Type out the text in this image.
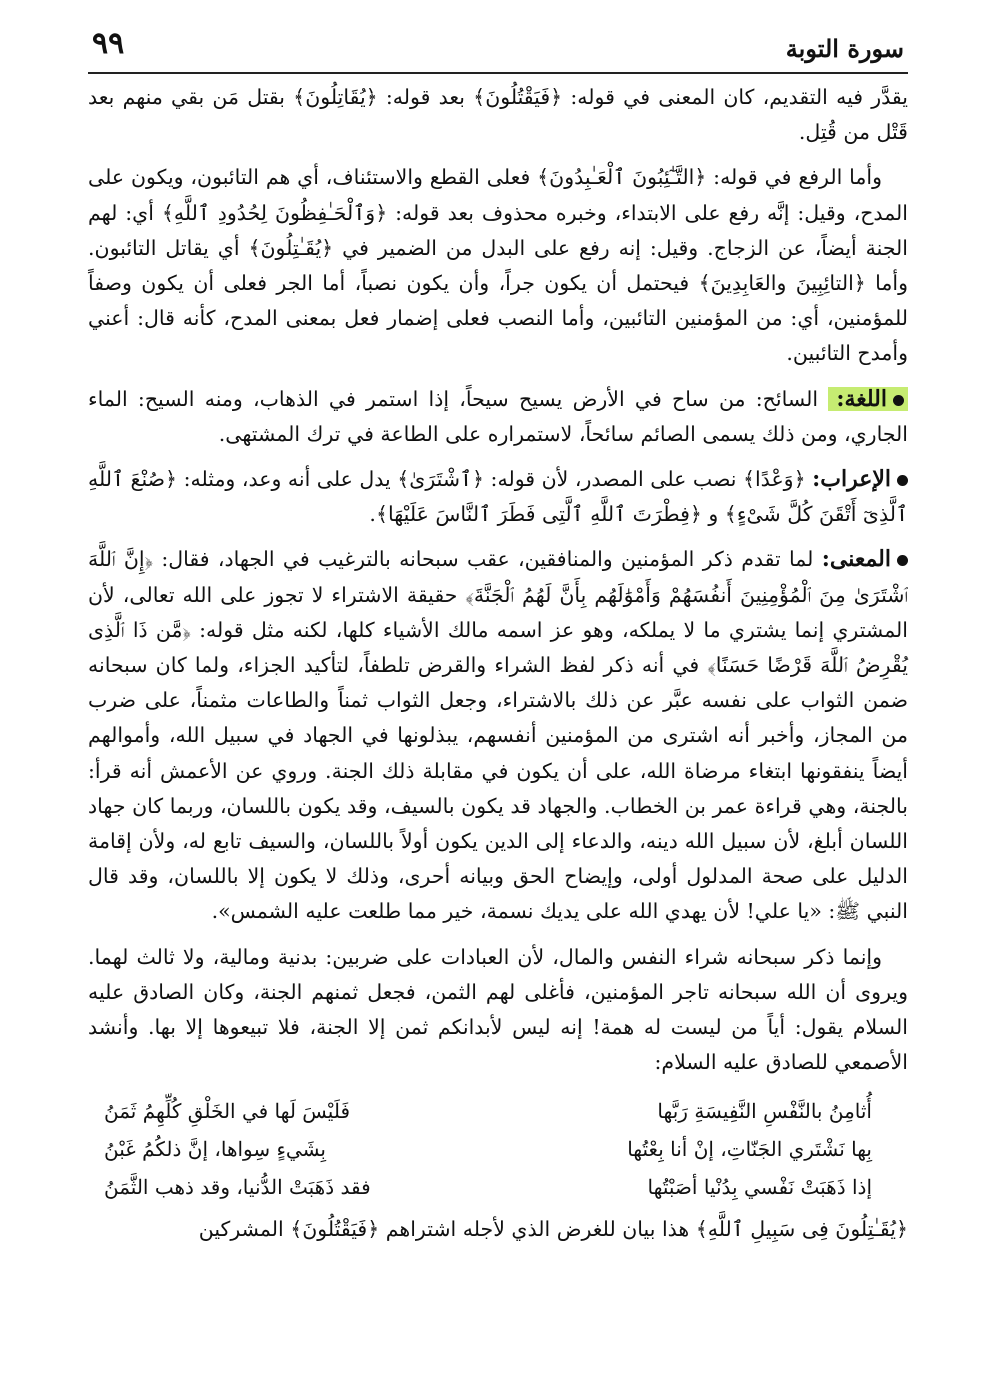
سورة التوبة
٩٩

يقدَّر فيه التقديم، كان المعنى في قوله: ﴿فَيَقْتُلُونَ﴾ بعد قوله: ﴿يُقَاتِلُونَ﴾ بقتل مَن بقي منهم بعد قَتْل من قُتِل.

وأما الرفع في قوله: ﴿التَّـٰٓئِبُونَ ٱلْعَـٰبِدُونَ﴾ فعلى القطع والاستئناف، أي هم التائبون، ويكون على المدح، وقيل: إنَّه رفع على الابتداء، وخبره محذوف بعد قوله: ﴿وَٱلْحَـٰفِظُونَ لِحُدُودِ ٱللَّهِ﴾ أي: لهم الجنة أيضاً، عن الزجاج. وقيل: إنه رفع على البدل من الضمير في ﴿يُقَـٰتِلُونَ﴾ أي يقاتل التائبون. وأما ﴿التائِبِينَ والعَابِدِينَ﴾ فيحتمل أن يكون جراً، وأن يكون نصباً، أما الجر فعلى أن يكون وصفاً للمؤمنين، أي: من المؤمنين التائبين، وأما النصب فعلى إضمار فعل بمعنى المدح، كأنه قال: أعني وأمدح التائبين.

اللغة: السائح: من ساح في الأرض يسيح سيحاً، إذا استمر في الذهاب، ومنه السيح: الماء الجاري، ومن ذلك يسمى الصائم سائحاً، لاستمراره على الطاعة في ترك المشتهى.

الإعراب: ﴿وَعْدًا﴾ نصب على المصدر، لأن قوله: ﴿ٱشْتَرَىٰ﴾ يدل على أنه وعد، ومثله: ﴿صُنْعَ ٱللَّهِ ٱلَّذِىٓ أَتْقَنَ كُلَّ شَىْءٍ﴾ و ﴿فِطْرَتَ ٱللَّهِ ٱلَّتِى فَطَرَ ٱلنَّاسَ عَلَيْهَا﴾.

المعنى: لما تقدم ذكر المؤمنين والمنافقين، عقب سبحانه بالترغيب في الجهاد، فقال: ﴿إِنَّ ٱللَّهَ ٱشْتَرَىٰ مِنَ ٱلْمُؤْمِنِينَ أَنفُسَهُمْ وَأَمْوَٰلَهُم بِأَنَّ لَهُمُ ٱلْجَنَّةَ﴾ حقيقة الاشتراء لا تجوز على الله تعالى، لأن المشتري إنما يشتري ما لا يملكه، وهو عز اسمه مالك الأشياء كلها، لكنه مثل قوله: ﴿مَّن ذَا ٱلَّذِى يُقْرِضُ ٱللَّهَ قَرْضًا حَسَنًا﴾ في أنه ذكر لفظ الشراء والقرض تلطفاً، لتأكيد الجزاء، ولما كان سبحانه ضمن الثواب على نفسه عبَّر عن ذلك بالاشتراء، وجعل الثواب ثمناً والطاعات مثمناً، على ضرب من المجاز، وأخبر أنه اشترى من المؤمنين أنفسهم، يبذلونها في الجهاد في سبيل الله، وأموالهم أيضاً ينفقونها ابتغاء مرضاة الله، على أن يكون في مقابلة ذلك الجنة. وروي عن الأعمش أنه قرأ: بالجنة، وهي قراءة عمر بن الخطاب. والجهاد قد يكون بالسيف، وقد يكون باللسان، وربما كان جهاد اللسان أبلغ، لأن سبيل الله دينه، والدعاء إلى الدين يكون أولاً باللسان، والسيف تابع له، ولأن إقامة الدليل على صحة المدلول أولى، وإيضاح الحق وبيانه أحرى، وذلك لا يكون إلا باللسان، وقد قال النبي ﷺ: «يا علي! لأن يهدي الله على يديك نسمة، خير مما طلعت عليه الشمس».

وإنما ذكر سبحانه شراء النفس والمال، لأن العبادات على ضربين: بدنية ومالية، ولا ثالث لهما. ويروى أن الله سبحانه تاجر المؤمنين، فأغلى لهم الثمن، فجعل ثمنهم الجنة، وكان الصادق عليه السلام يقول: أياً من ليست له همة! إنه ليس لأبدانكم ثمن إلا الجنة، فلا تبيعوها إلا بها. وأنشد الأصمعي للصادق عليه السلام:

أُثامِنُ بالنَّفْسِ النَّفِيسَةِ رَبَّها
فَلَيْسَ لَها في الخَلْقِ كُلِّهِمُ ثَمَنُ
بِها نَشْتَري الجَنّاتِ، إنْ أنا بِعْتُها
بِشَيءٍ سِواها، إنَّ ذلكُمُ غَبْنُ
إذا ذَهَبَتْ نَفْسي بِدُنْيا أصَبْتُها
فقد ذَهَبَتْ الدُّنيا، وقد ذهب الثَّمَنُ

﴿يُقَـٰتِلُونَ فِى سَبِيلِ ٱللَّهِ﴾ هذا بيان للغرض الذي لأجله اشتراهم ﴿فَيَقْتُلُونَ﴾ المشركين
